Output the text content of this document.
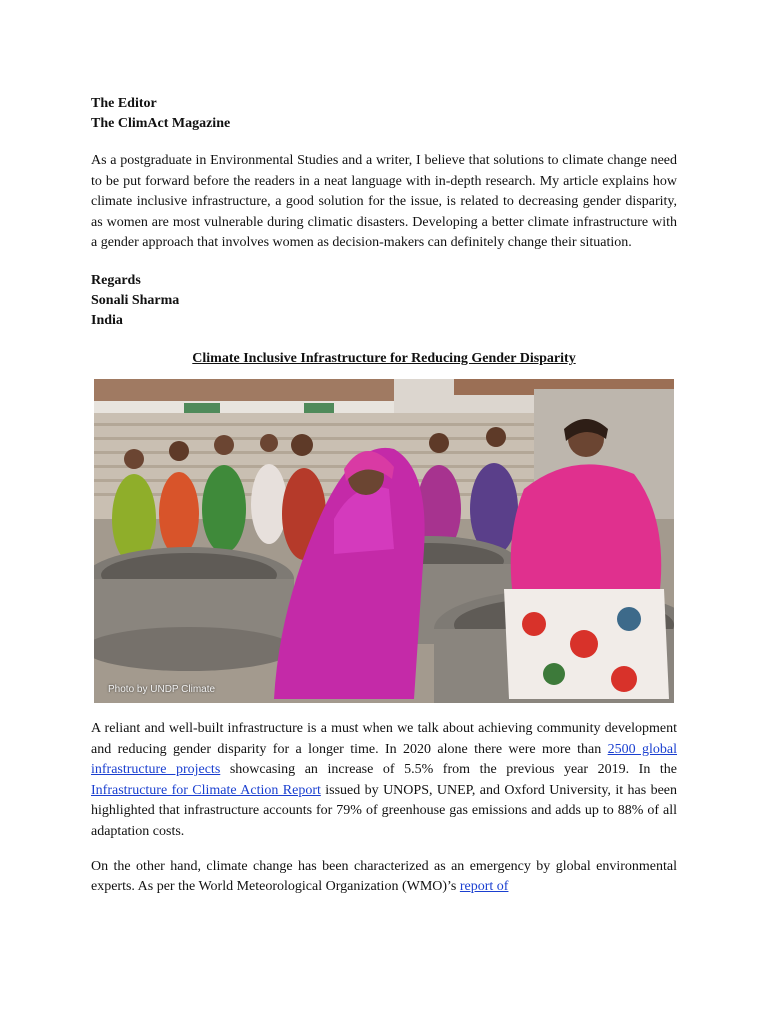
The Editor

The ClimAct Magazine

As a postgraduate in Environmental Studies and a writer, I believe that solutions to climate change need to be put forward before the readers in a neat language with in-depth research. My article explains how climate inclusive infrastructure, a good solution for the issue, is related to decreasing gender disparity, as women are most vulnerable during climatic disasters. Developing a better climate infrastructure with a gender approach that involves women as decision-makers can definitely change their situation.

Regards

Sonali Sharma

India

Climate Inclusive Infrastructure for Reducing Gender Disparity
Photo by UNDP Climate

A reliant and well-built infrastructure is a must when we talk about achieving community development and reducing gender disparity for a longer time. In 2020 alone there were more than 2500 global infrastructure projects showcasing an increase of 5.5% from the previous year 2019. In the Infrastructure for Climate Action Report issued by UNOPS, UNEP, and Oxford University, it has been highlighted that infrastructure accounts for 79% of greenhouse gas emissions and adds up to 88% of all adaptation costs.

On the other hand, climate change has been characterized as an emergency by global environmental experts. As per the World Meteorological Organization (WMO)’s report of
